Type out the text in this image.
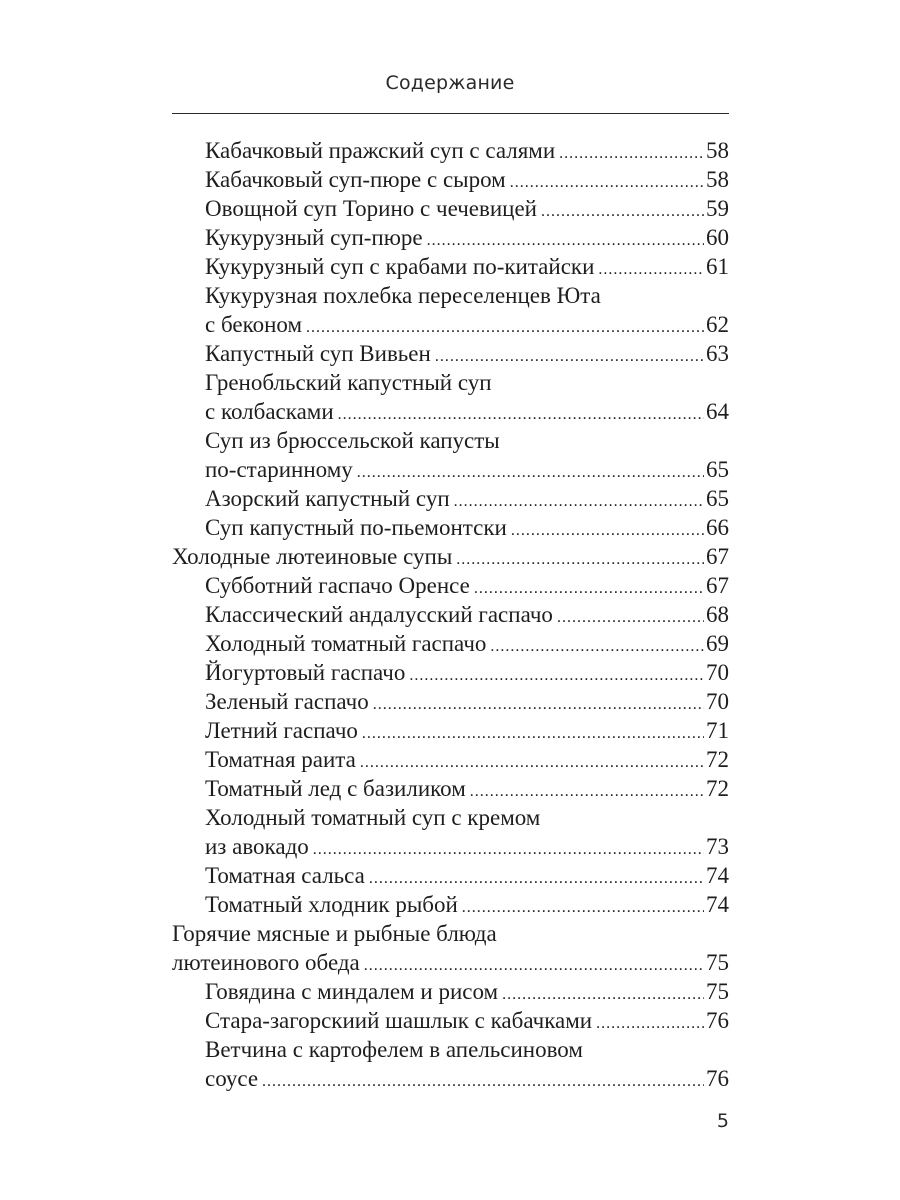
Содержание
Кабачковый пражский суп с салями .....	58
Кабачковый суп-пюре с сыром .....	58
Овощной суп Торино с чечевицей .....	59
Кукурузный суп-пюре .....	60
Кукурузный суп с крабами по-китайски .....	61
Кукурузная похлебка переселенцев Юта
с беконом .....	62
Капустный суп Вивьен .....	63
Гренобльский капустный суп
с колбасками .....	64
Суп из брюссельской капусты
по-старинному .....	65
Азорский капустный суп .....	65
Суп капустный по-пьемонтски .....	66
Холодные лютеиновые супы .....	67
Субботний гаспачо Оренсе .....	67
Классический андалусский гаспачо .....	68
Холодный томатный гаспачо .....	69
Йогуртовый гаспачо .....	70
Зеленый гаспачо .....	70
Летний гаспачо .....	71
Томатная раита .....	72
Томатный лед с базиликом .....	72
Холодный томатный суп с кремом
из авокадо .....	73
Томатная сальса .....	74
Томатный хлодник рыбой .....	74
Горячие мясные и рыбные блюда
лютеинового обеда .....	75
Говядина с миндалем и рисом .....	75
Стара-загорскиий шашлык с кабачками .....	76
Ветчина с картофелем в апельсиновом
соусе .....	76
5
